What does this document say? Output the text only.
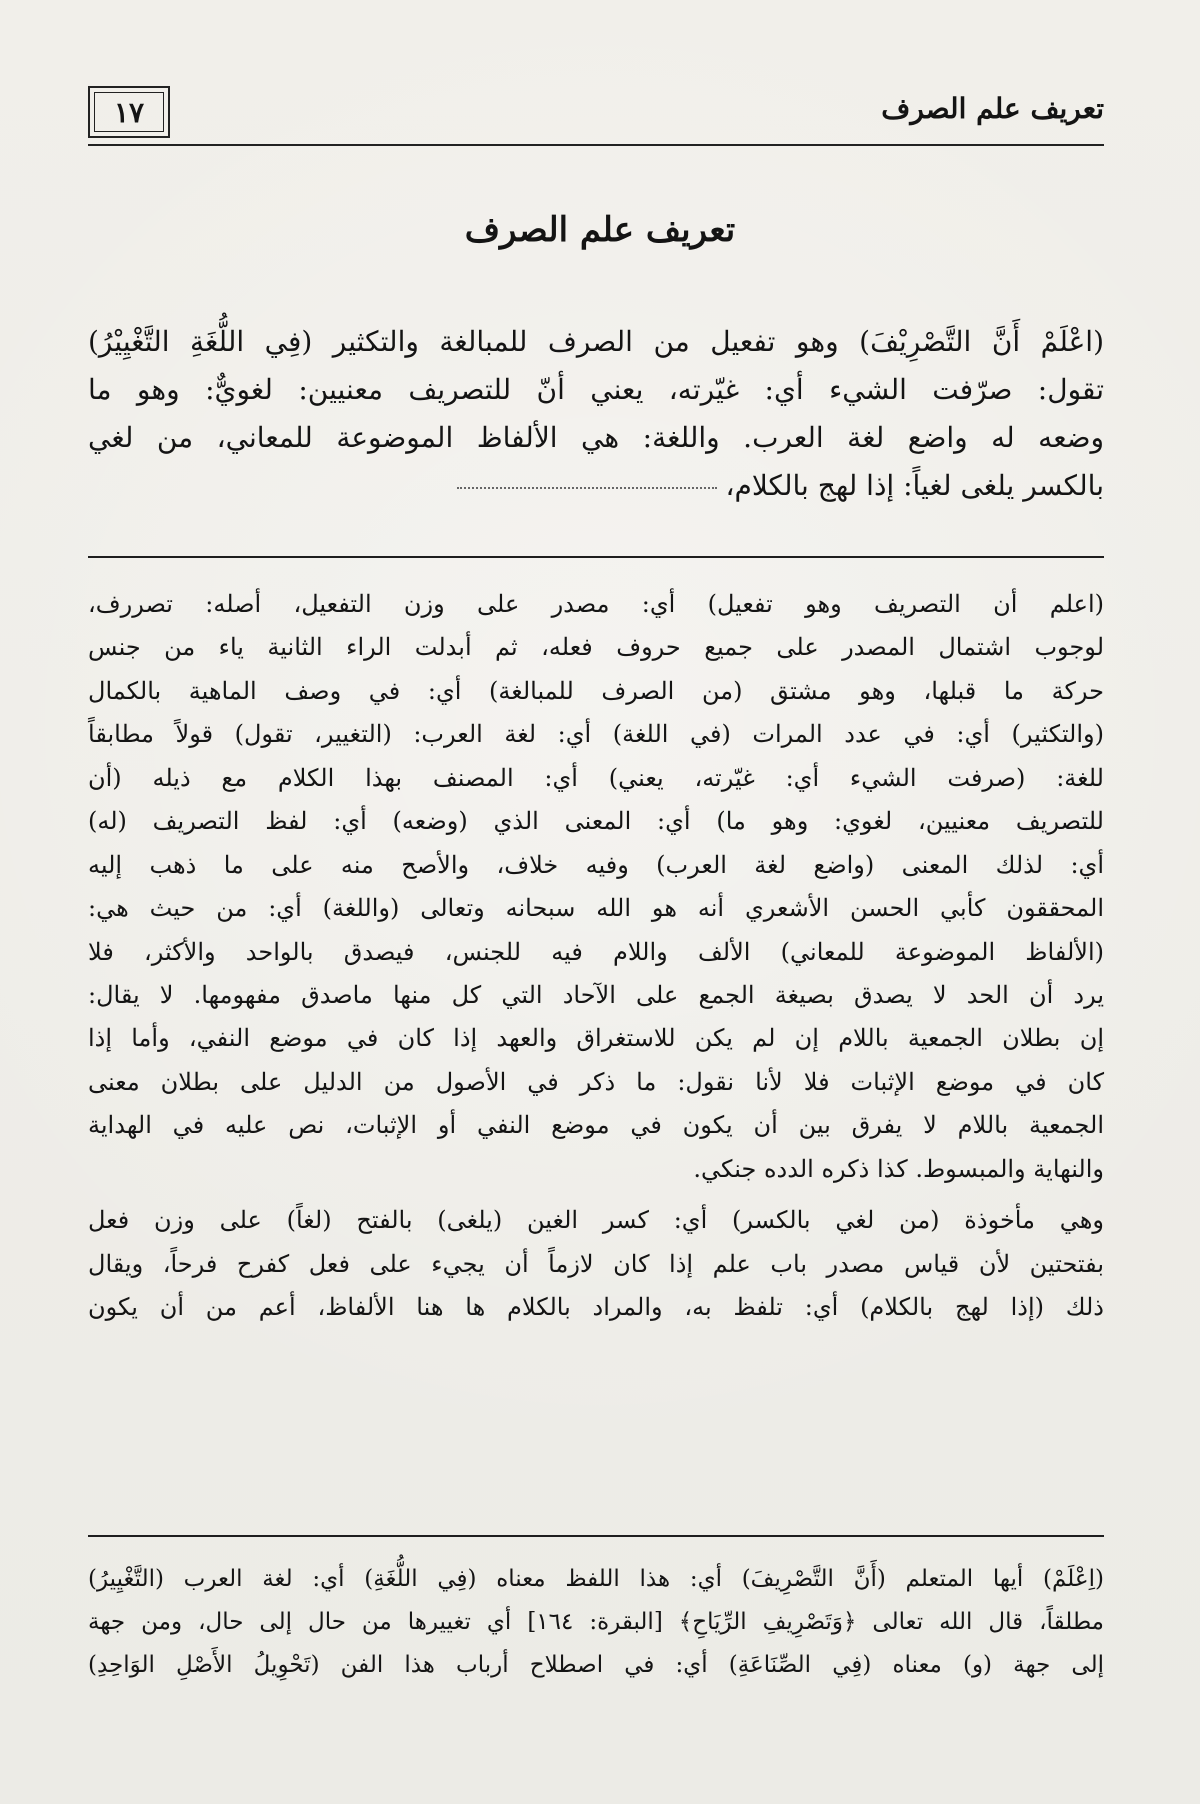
تعريف علم الصرف
١٧
تعريف علم الصرف

(اعْلَمْ أَنَّ التَّصْرِيْفَ) وهو تفعيل من الصرف للمبالغة والتكثير (فِي اللُّغَةِ التَّغْيِيْرُ)

تقول: صرّفت الشيء أي: غيّرته، يعني أنّ للتصريف معنيين: لغويٌّ: وهو ما

وضعه له واضع لغة العرب. واللغة: هي الألفاظ الموضوعة للمعاني، من لغي

بالكسر يلغى لغياً: إذا لهج بالكلام،

(اعلم أن التصريف وهو تفعيل) أي: مصدر على وزن التفعيل، أصله: تصررف،

لوجوب اشتمال المصدر على جميع حروف فعله، ثم أبدلت الراء الثانية ياء من جنس

حركة ما قبلها، وهو مشتق (من الصرف للمبالغة) أي: في وصف الماهية بالكمال

(والتكثير) أي: في عدد المرات (في اللغة) أي: لغة العرب: (التغيير، تقول) قولاً مطابقاً

للغة: (صرفت الشيء أي: غيّرته، يعني) أي: المصنف بهذا الكلام مع ذيله (أن

للتصريف معنيين، لغوي: وهو ما) أي: المعنى الذي (وضعه) أي: لفظ التصريف (له)

أي: لذلك المعنى (واضع لغة العرب) وفيه خلاف، والأصح منه على ما ذهب إليه

المحققون كأبي الحسن الأشعري أنه هو الله سبحانه وتعالى (واللغة) أي: من حيث هي:

(الألفاظ الموضوعة للمعاني) الألف واللام فيه للجنس، فيصدق بالواحد والأكثر، فلا

يرد أن الحد لا يصدق بصيغة الجمع على الآحاد التي كل منها ماصدق مفهومها. لا يقال:

إن بطلان الجمعية باللام إن لم يكن للاستغراق والعهد إذا كان في موضع النفي، وأما إذا

كان في موضع الإثبات فلا لأنا نقول: ما ذكر في الأصول من الدليل على بطلان معنى

الجمعية باللام لا يفرق بين أن يكون في موضع النفي أو الإثبات، نص عليه في الهداية

والنهاية والمبسوط. كذا ذكره الدده جنكي.

وهي مأخوذة (من لغي بالكسر) أي: كسر الغين (يلغى) بالفتح (لغاً) على وزن فعل

بفتحتين لأن قياس مصدر باب علم إذا كان لازماً أن يجيء على فعل كفرح فرحاً، ويقال

ذلك (إذا لهج بالكلام) أي: تلفظ به، والمراد بالكلام ها هنا الألفاظ، أعم من أن يكون

(اِعْلَمْ) أيها المتعلم (أَنَّ التَّصْرِيفَ) أي: هذا اللفظ معناه (فِي اللُّغَةِ) أي: لغة العرب (التَّغْيِيرُ)

مطلقاً، قال الله تعالى ﴿وَتَصْرِيفِ الرِّيَاحِ﴾ [البقرة: ١٦٤] أي تغييرها من حال إلى حال، ومن جهة

إلى جهة (و) معناه (فِي الصِّنَاعَةِ) أي: في اصطلاح أرباب هذا الفن (تَحْوِيلُ الأَصْلِ الوَاحِدِ)
